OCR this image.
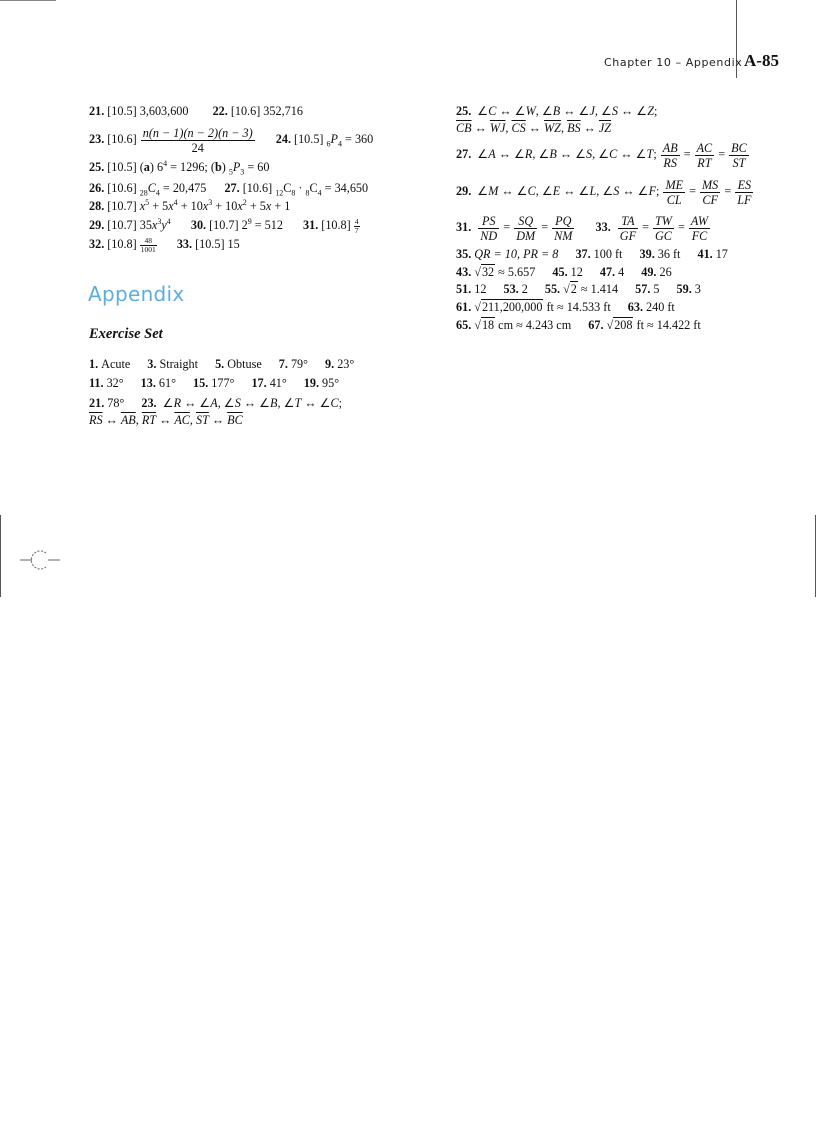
Chapter 10 – Appendix A-85
21. [10.5] 3,603,600 22. [10.6] 352,716
23. $[10.6] \frac{n(n - 1)(n - 2)(n - 3)}{24} 24$. [10.5] $_6P_4 = 360$
25. [10.5] (a) $6^4 = 1296$; (b) $_5P_3 = 60$
26. [10.6] $_{28}C_4 = 20,475$  27. [10.6] $_{12}C_8 \cdot _8C_4 = 34,650$
28. [10.7] $x^5 + 5x^4 + 10x^3 + 10x^2 + 5x + 1$
29. [10.7] $35x^3y^4$ 30. [10.7] $2^9 = 512$  31. $[10.8] \frac{4}{7}$
32. $[10.8] \frac{48}{1001} 33$. [10.5] 15
Appendix
Exercise Set
1. Acute 3. Straight 5. Obtuse 7. 79° 9. 23°
11. 32° 13. 61° 15. 177° 17. 41° 19. 95°
21. 78° 23. ∠R ↔ ∠A, ∠S ↔ ∠B, ∠T ↔ ∠C;
$\overline{RS}$ ↔ $\overline{AB}$, $\overline{RT}$ ↔ $\overline{AC}$, $\overline{ST}$ ↔ $\overline{BC}$
25. ∠C ↔ ∠W, ∠B ↔ ∠J, ∠S ↔ ∠Z;
$\overline{CB}$ ↔ $\overline{WJ}$, $\overline{CS}$ ↔ $\overline{WZ}$, $\overline{BS}$ ↔ $\overline{JZ}$
27. ∠A ↔ ∠R, ∠B ↔ ∠S, ∠C ↔ ∠T; $\frac{AB}{RS} = \frac{AC}{RT} = \frac{BC}{ST}$
29. ∠M ↔ ∠C, ∠E ↔ ∠L, ∠S ↔ ∠F; $\frac{ME}{CL} = \frac{MS}{CF} = \frac{ES}{LF}$
31. $\frac{PS}{ND} = \frac{SQ}{DM} = \frac{PQ}{NM} 33$. $\frac{TA}{GF} = \frac{TW}{GC} = \frac{AW}{FC}$
35. QR = 10, PR = 8 37. 100 ft 39. 36 ft 41. 17
43. √32 ≈ 5.657 45. 12 47. 4 49. 26
51. 12 53. 2 55. √2 ≈ 1.414 57. 5 59. 3
61. √211,200,000 ft ≈ 14.533 ft 63. 240 ft
65. √18 cm ≈ 4.243 cm 67. √208 ft ≈ 14.422 ft
